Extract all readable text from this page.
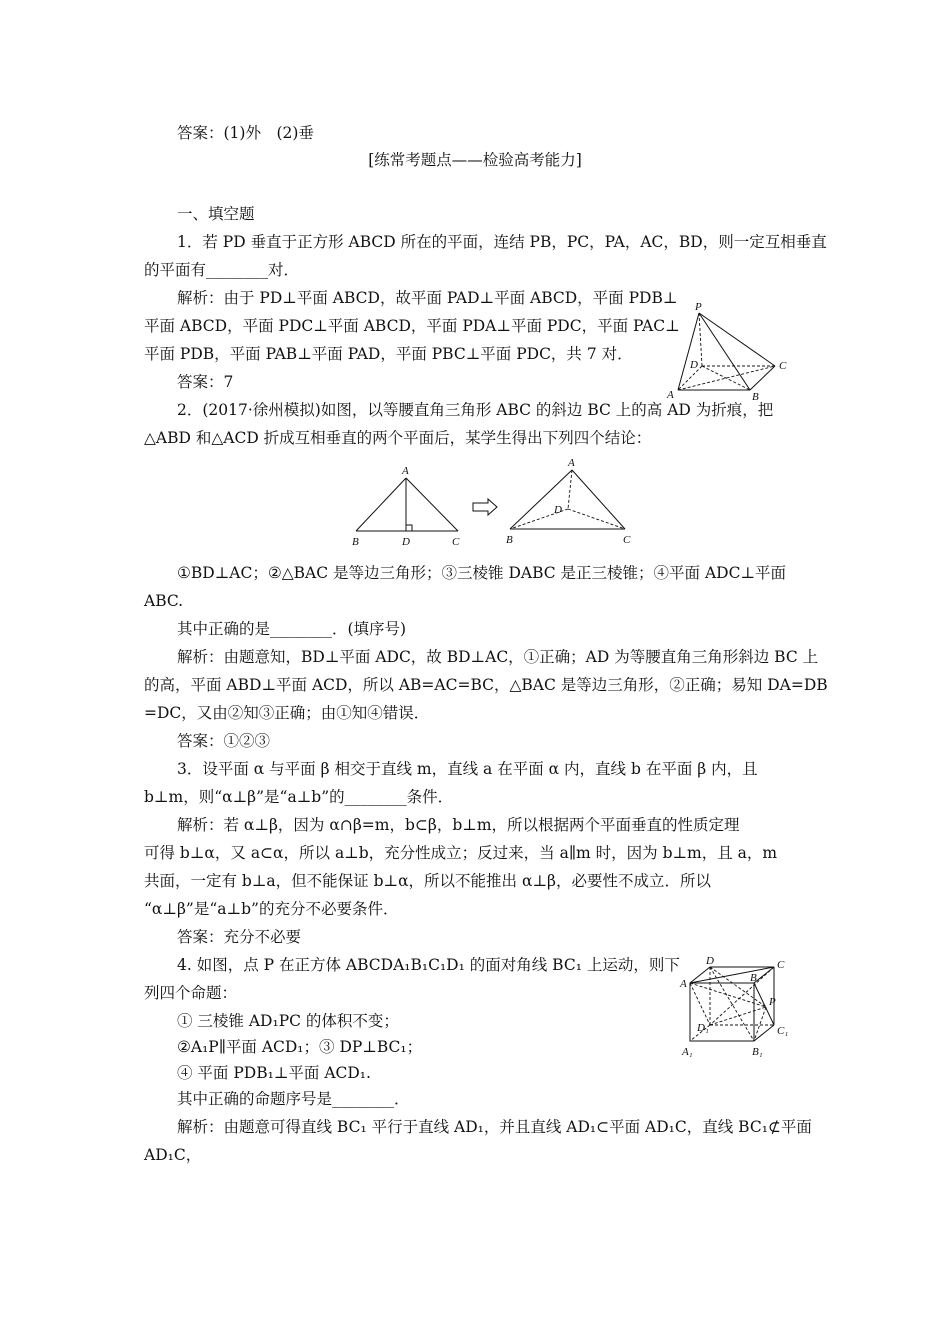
答案：(1)外　(2)垂
[练常考题点——检验高考能力]
一、填空题
1．若 PD 垂直于正方形 ABCD 所在的平面，连结 PB，PC，PA，AC，BD，则一定互相垂直
的平面有________对．
解析：由于 PD⊥平面 ABCD，故平面 PAD⊥平面 ABCD，平面 PDB⊥
平面 ABCD，平面 PDC⊥平面 ABCD，平面 PDA⊥平面 PDC，平面 PAC⊥
平面 PDB，平面 PAB⊥平面 PAD，平面 PBC⊥平面 PDC，共 7 对．
答案：7
P
D	C
A	B
2．(2017·徐州模拟)如图，以等腰直角三角形 ABC 的斜边 BC 上的高 AD 为折痕，把
△ABD 和△ACD 折成互相垂直的两个平面后，某学生得出下列四个结论：
A
B	D	C
A
D
B	C
①BD⊥AC；②△BAC 是等边三角形；③三棱锥 DABC 是正三棱锥；④平面 ADC⊥平面
ABC.
其中正确的是________．(填序号)
解析：由题意知，BD⊥平面 ADC，故 BD⊥AC，①正确；AD 为等腰直角三角形斜边 BC 上
的高，平面 ABD⊥平面 ACD，所以 AB=AC=BC，△BAC 是等边三角形，②正确；易知 DA=DB
=DC，又由②知③正确；由①知④错误．
答案：①②③
3．设平面 α 与平面 β 相交于直线 m，直线 a 在平面 α 内，直线 b 在平面 β 内，且
b⊥m，则“α⊥β”是“a⊥b”的________条件．
解析：若 α⊥β，因为 α∩β=m，b⊂β，b⊥m，所以根据两个平面垂直的性质定理
可得 b⊥α，又 a⊂α，所以 a⊥b，充分性成立；反过来，当 a∥m 时，因为 b⊥m，且 a，m
共面，一定有 b⊥a，但不能保证 b⊥α，所以不能推出 α⊥β，必要性不成立．所以
“α⊥β”是“a⊥b”的充分不必要条件．
答案：充分不必要
4. 如图，点 P 在正方体 ABCDA₁B₁C₁D₁ 的面对角线 BC₁ 上运动，则下
列四个命题：
① 三棱锥 AD₁PC 的体积不变；
②A₁P∥平面 ACD₁；③ DP⊥BC₁；
④ 平面 PDB₁⊥平面 ACD₁.
其中正确的命题序号是________．
解析：由题意可得直线 BC₁ 平行于直线 AD₁，并且直线 AD₁⊂平面 AD₁C，直线 BC₁⊄平面
AD₁C，
D	C
A	B
P
D₁	C₁
A₁	B₁
